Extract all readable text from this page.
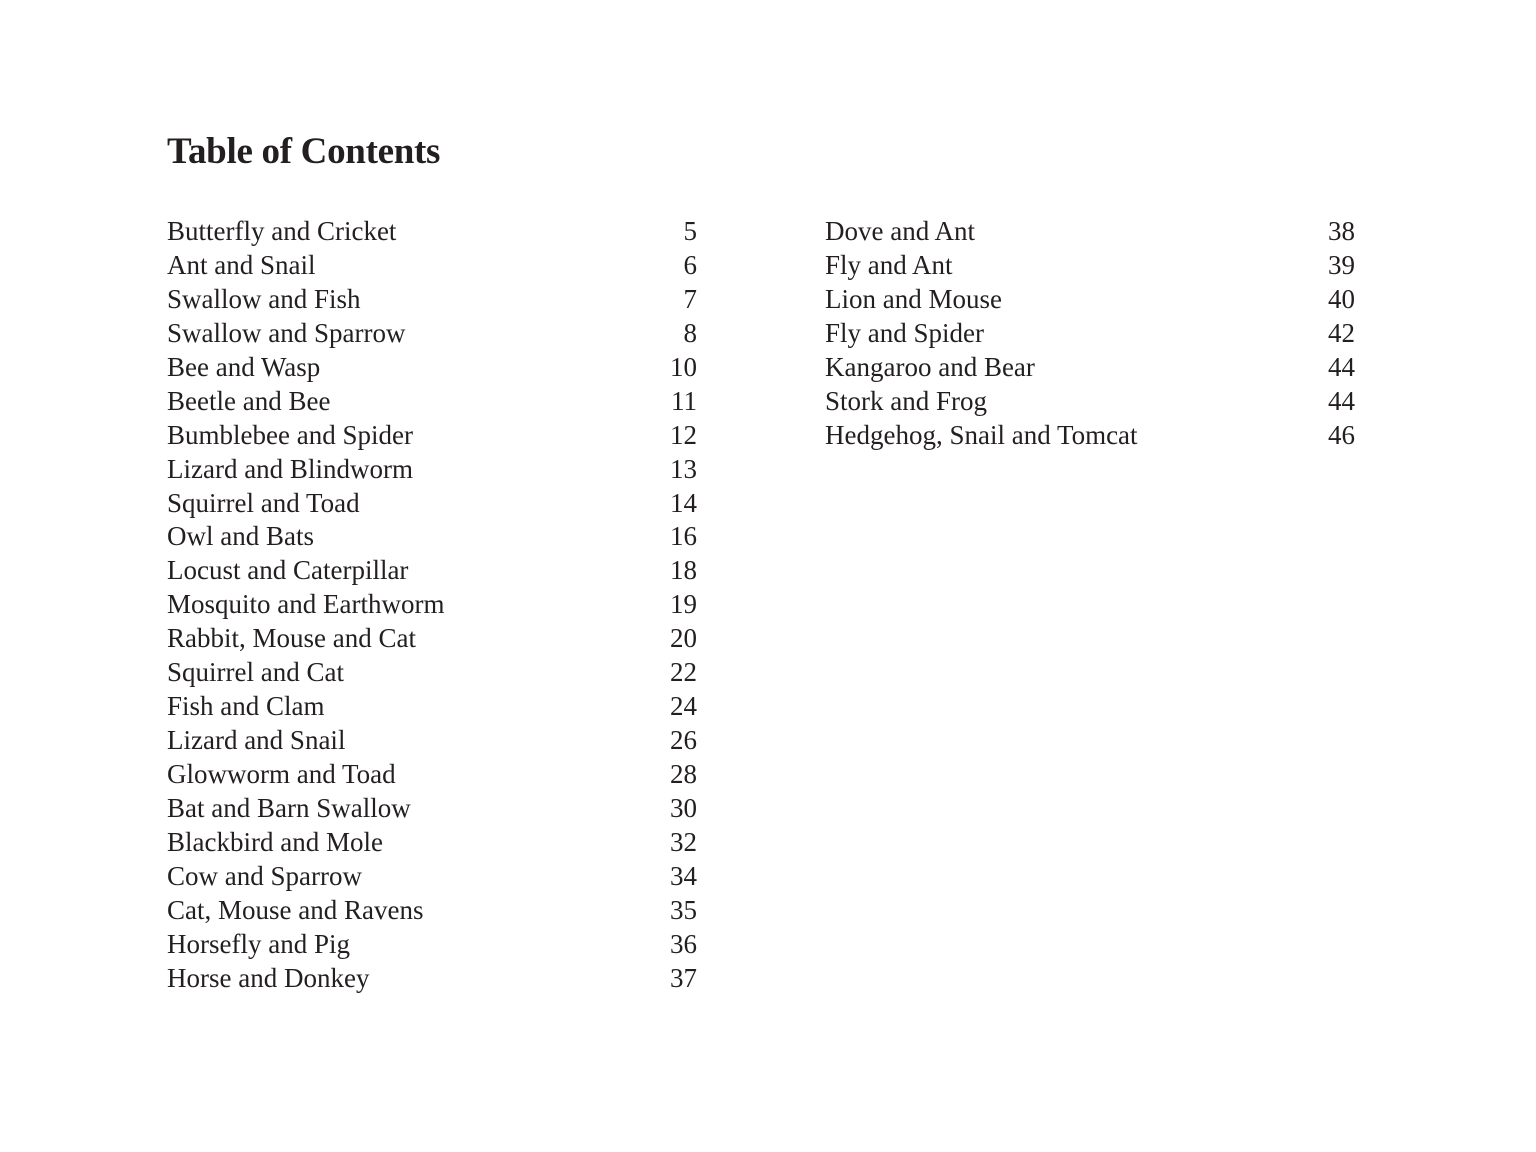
Table of Contents
Butterfly and Cricket	5
Ant and Snail	6
Swallow and Fish	7
Swallow and Sparrow	8
Bee and Wasp	10
Beetle and Bee	11
Bumblebee and Spider	12
Lizard and Blindworm	13
Squirrel and Toad	14
Owl and Bats	16
Locust and Caterpillar	18
Mosquito and Earthworm	19
Rabbit, Mouse and Cat	20
Squirrel and Cat	22
Fish and Clam	24
Lizard and Snail	26
Glowworm and Toad	28
Bat and Barn Swallow	30
Blackbird and Mole	32
Cow and Sparrow	34
Cat, Mouse and Ravens	35
Horsefly and Pig	36
Horse and Donkey	37
Dove and Ant	38
Fly and Ant	39
Lion and Mouse	40
Fly and Spider	42
Kangaroo and Bear	44
Stork and Frog	44
Hedgehog, Snail and Tomcat	46
